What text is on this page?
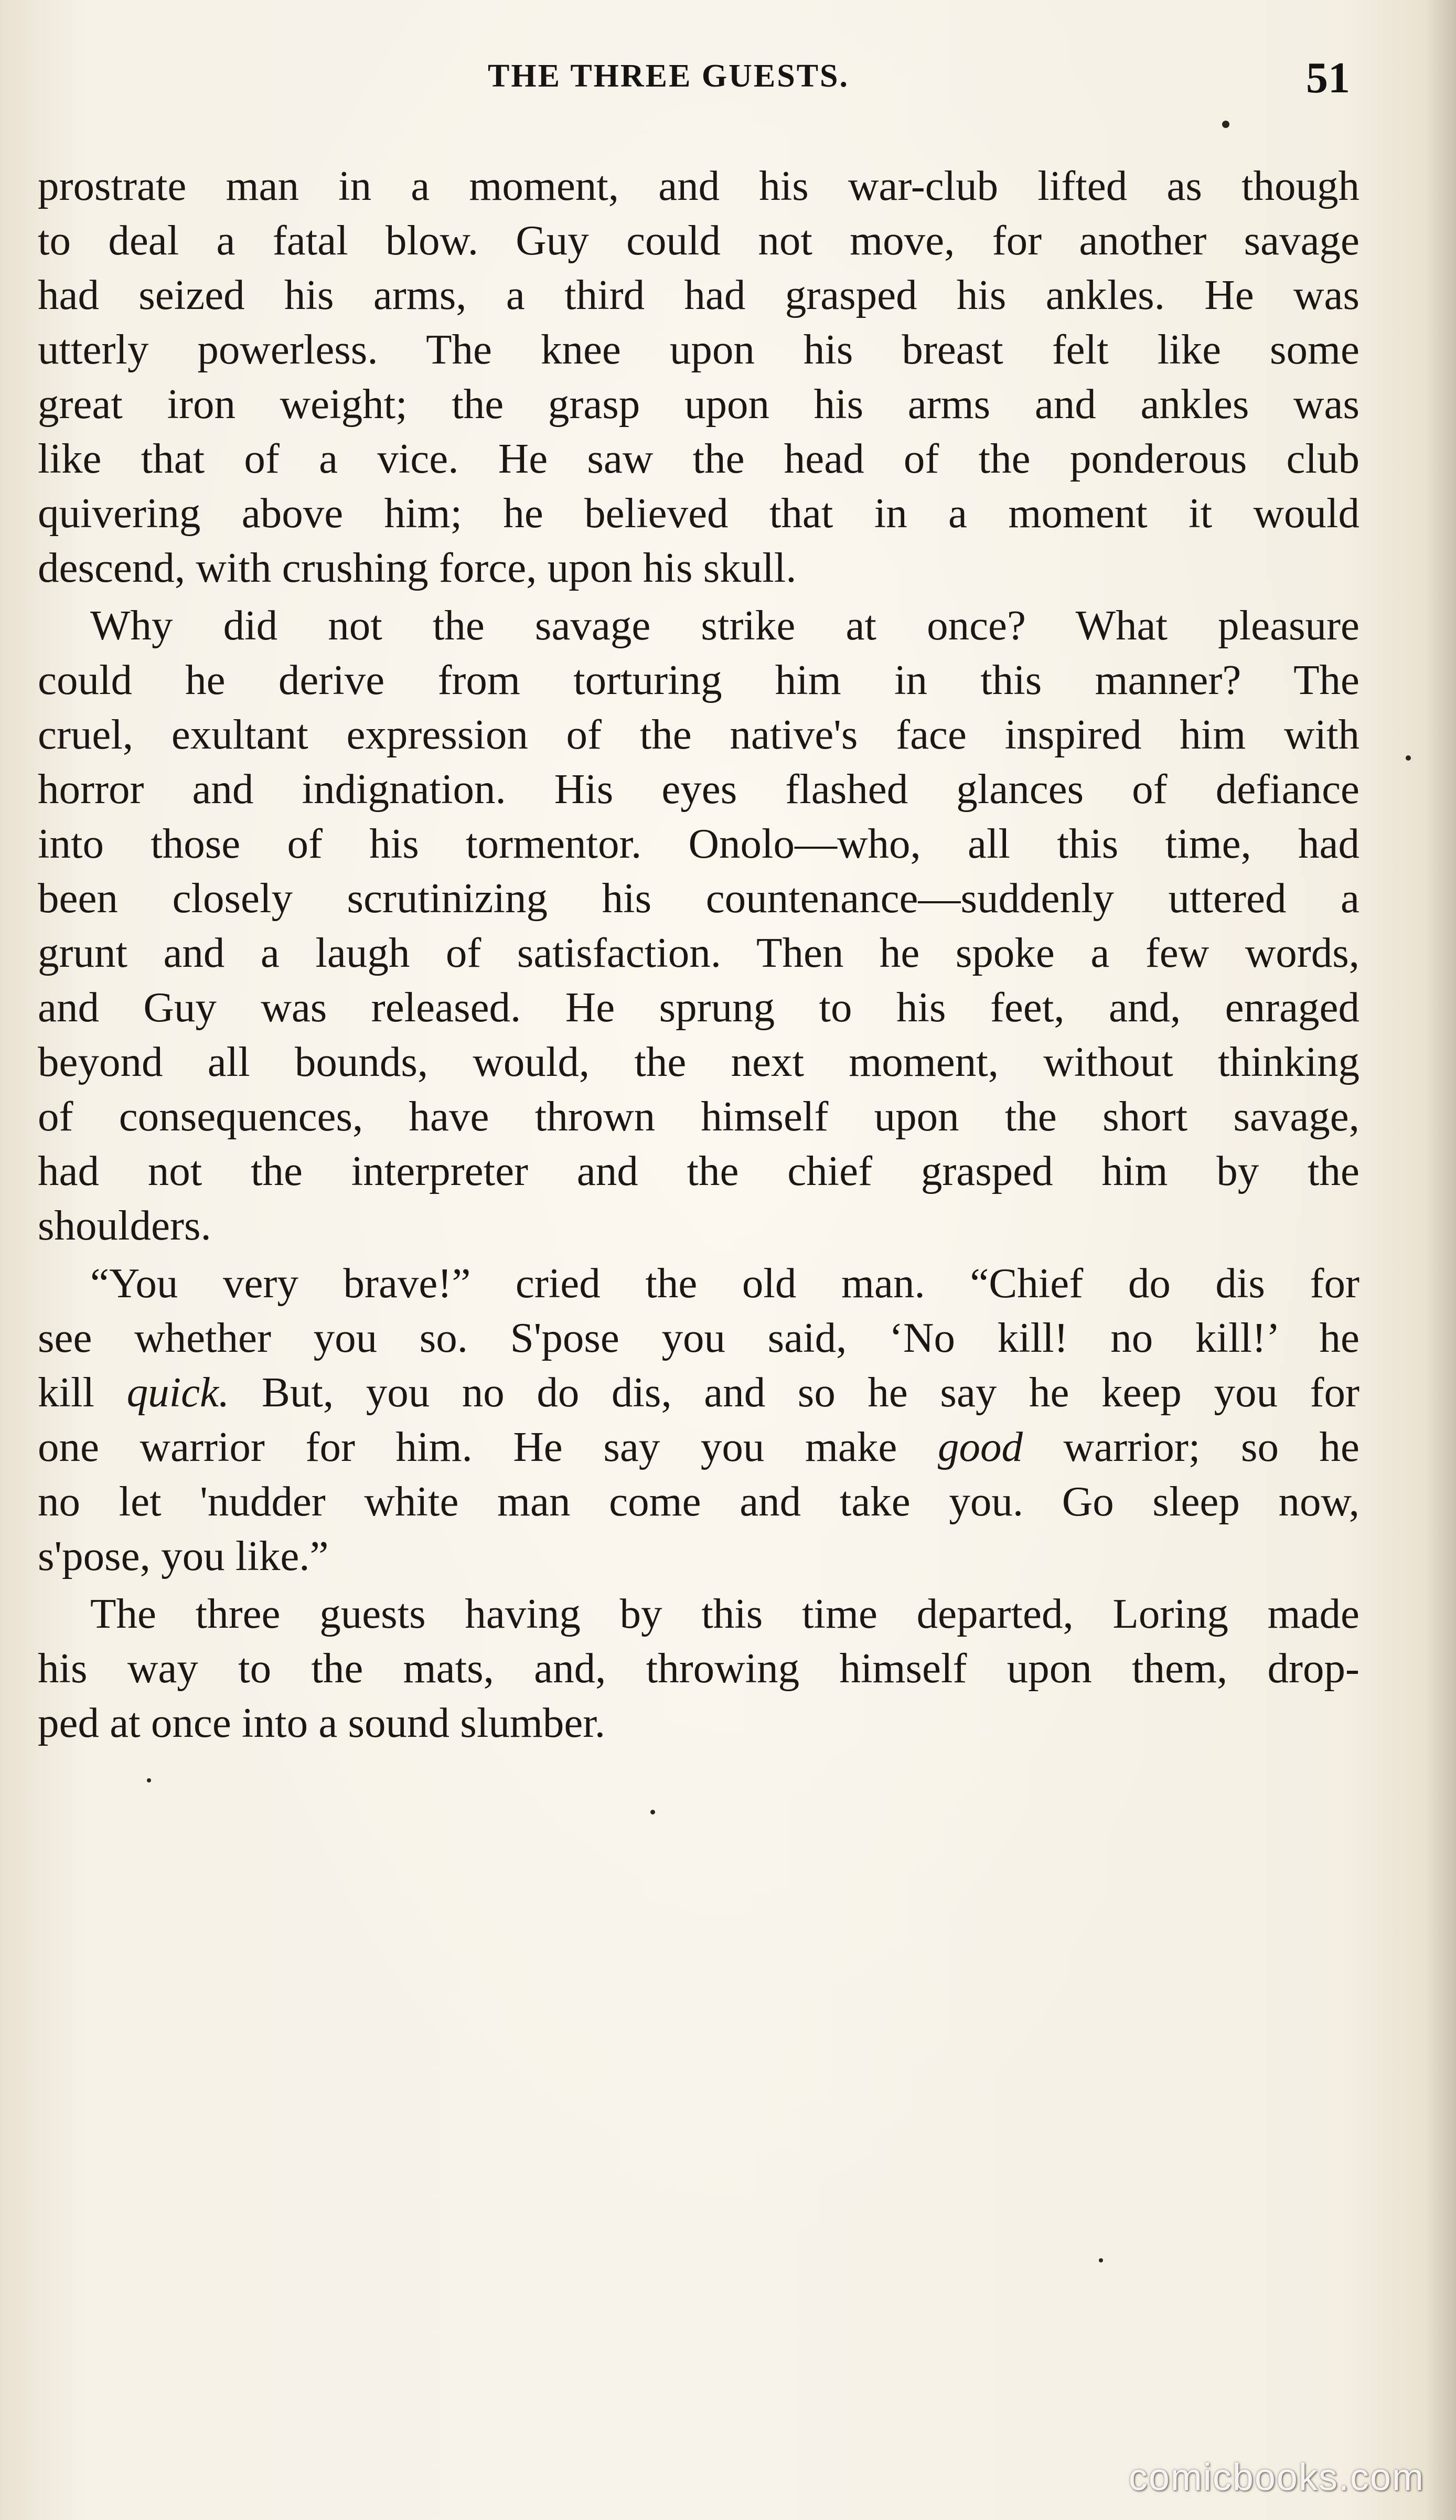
THE THREE GUESTS.	51

prostrate man in a moment, and his war-club lifted as though
to deal a fatal blow. Guy could not move, for another savage
had seized his arms, a third had grasped his ankles. He was
utterly powerless. The knee upon his breast felt like some
great iron weight; the grasp upon his arms and ankles was
like that of a vice. He saw the head of the ponderous club
quivering above him; he believed that in a moment it would
descend, with crushing force, upon his skull.

Why did not the savage strike at once? What pleasure
could he derive from torturing him in this manner? The
cruel, exultant expression of the native's face inspired him with
horror and indignation. His eyes flashed glances of defiance
into those of his tormentor. Onolo—who, all this time, had
been closely scrutinizing his countenance—suddenly uttered a
grunt and a laugh of satisfaction. Then he spoke a few words,
and Guy was released. He sprung to his feet, and, enraged
beyond all bounds, would, the next moment, without thinking
of consequences, have thrown himself upon the short savage,
had not the interpreter and the chief grasped him by the
shoulders.

“You very brave!” cried the old man. “Chief do dis for
see whether you so. S'pose you said, ‘No kill! no kill!’ he
kill quick. But, you no do dis, and so he say he keep you for
one warrior for him. He say you make good warrior; so he
no let 'nudder white man come and take you. Go sleep now,
s'pose, you like.”

The three guests having by this time departed, Loring made
his way to the mats, and, throwing himself upon them, drop-
ped at once into a sound slumber.

comicbooks.com
